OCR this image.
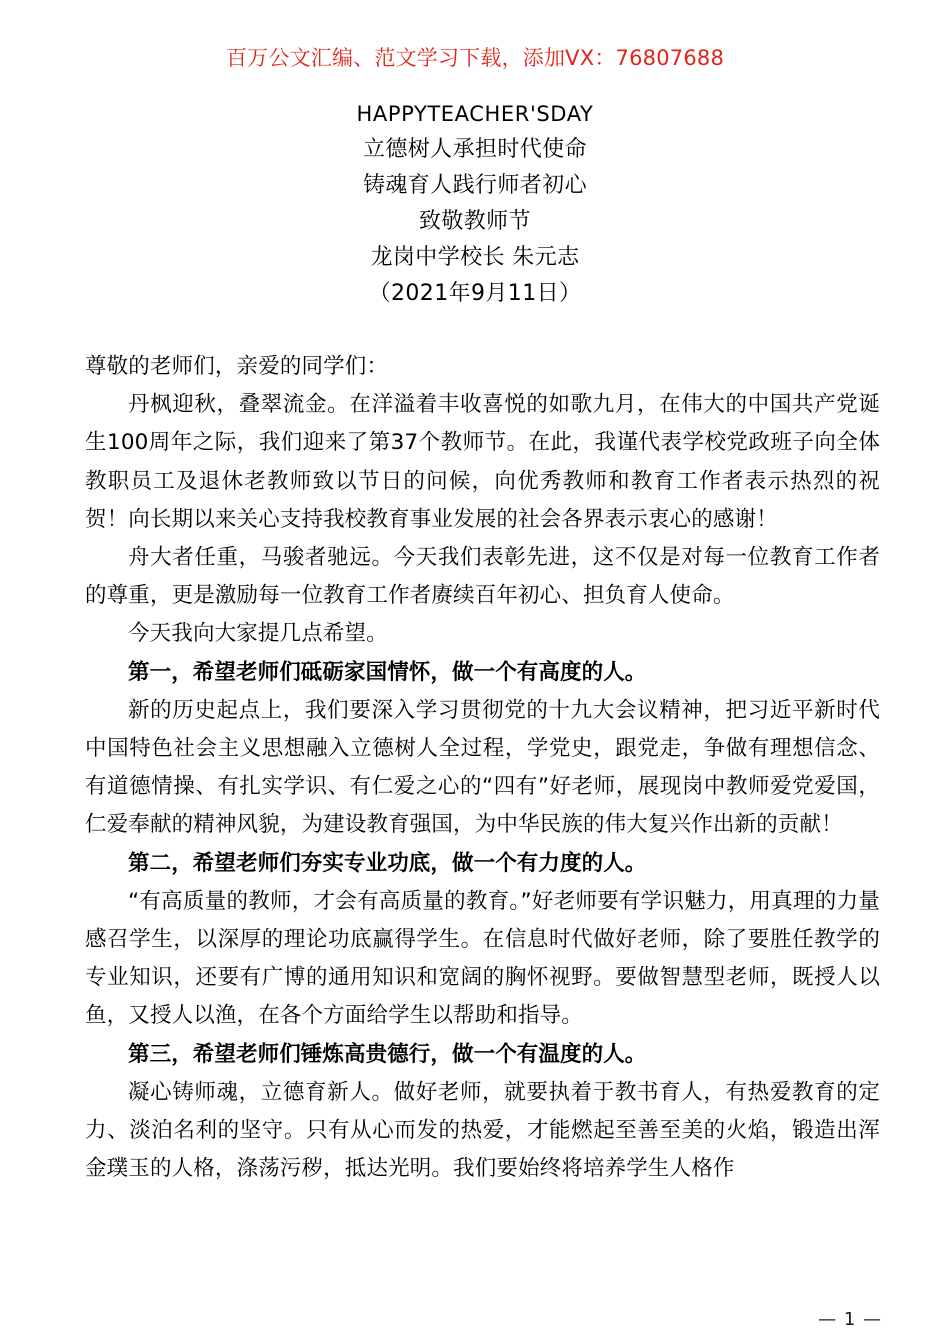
百万公文汇编、范文学习下载，添加VX：76807688
HAPPYTEACHER'SDAY
立德树人承担时代使命
铸魂育人践行师者初心
致敬教师节
龙岗中学校长 朱元志
（2021年9月11日）

尊敬的老师们，亲爱的同学们：

丹枫迎秋，叠翠流金。在洋溢着丰收喜悦的如歌九月，在伟大的中国共产党诞生100周年之际，我们迎来了第37个教师节。在此，我谨代表学校党政班子向全体教职员工及退休老教师致以节日的问候，向优秀教师和教育工作者表示热烈的祝贺！向长期以来关心支持我校教育事业发展的社会各界表示衷心的感谢！

舟大者任重，马骏者驰远。今天我们表彰先进，这不仅是对每一位教育工作者的尊重，更是激励每一位教育工作者赓续百年初心、担负育人使命。

今天我向大家提几点希望。

第一，希望老师们砥砺家国情怀，做一个有高度的人。

新的历史起点上，我们要深入学习贯彻党的十九大会议精神，把习近平新时代中国特色社会主义思想融入立德树人全过程，学党史，跟党走，争做有理想信念、有道德情操、有扎实学识、有仁爱之心的“四有”好老师，展现岗中教师爱党爱国，仁爱奉献的精神风貌，为建设教育强国，为中华民族的伟大复兴作出新的贡献！

第二，希望老师们夯实专业功底，做一个有力度的人。

“有高质量的教师，才会有高质量的教育。”好老师要有学识魅力，用真理的力量感召学生，以深厚的理论功底赢得学生。在信息时代做好老师，除了要胜任教学的专业知识，还要有广博的通用知识和宽阔的胸怀视野。要做智慧型老师，既授人以鱼，又授人以渔，在各个方面给学生以帮助和指导。

第三，希望老师们锤炼高贵德行，做一个有温度的人。

凝心铸师魂，立德育新人。做好老师，就要执着于教书育人，有热爱教育的定力、淡泊名利的坚守。只有从心而发的热爱，才能燃起至善至美的火焰，锻造出浑金璞玉的人格，涤荡污秽，抵达光明。我们要始终将培养学生人格作

— 1 —
